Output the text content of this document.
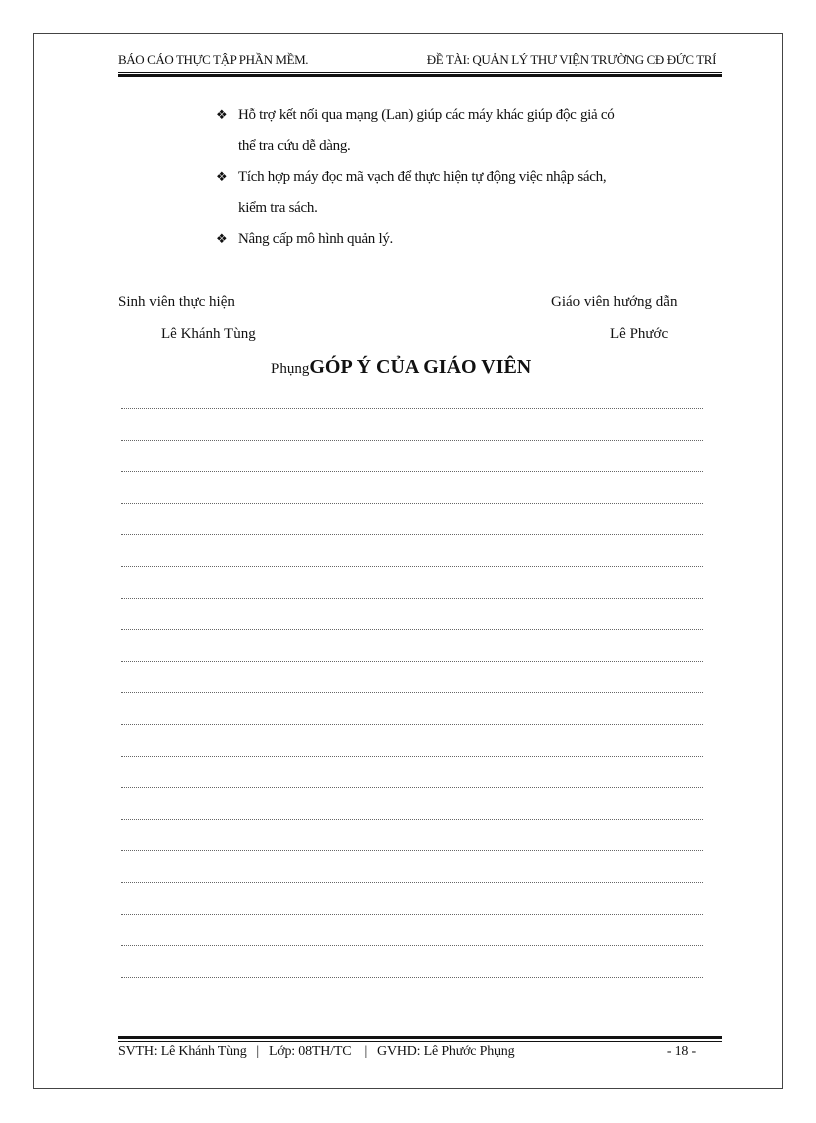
BÁO CÁO THỰC TẬP PHẦN MỀM.	ĐỀ TÀI: QUẢN LÝ THƯ VIỆN TRƯỜNG CĐ ĐỨC TRÍ
❖ Hỗ trợ kết nối qua mạng (Lan) giúp các máy khác giúp độc giả có
thể tra cứu dễ dàng.
❖ Tích hợp máy đọc mã vạch để thực hiện tự động việc nhập sách,
kiểm tra sách.
❖ Nâng cấp mô hình quản lý.
Sinh viên thực hiện
Lê Khánh Tùng
Giáo viên hướng dẫn
Lê Phước
PhụngGÓP Ý CỦA GIÁO VIÊN
SVTH: Lê Khánh Tùng   |   Lớp: 08TH/TC    |   GVHD: Lê Phước Phụng	- 18 -
